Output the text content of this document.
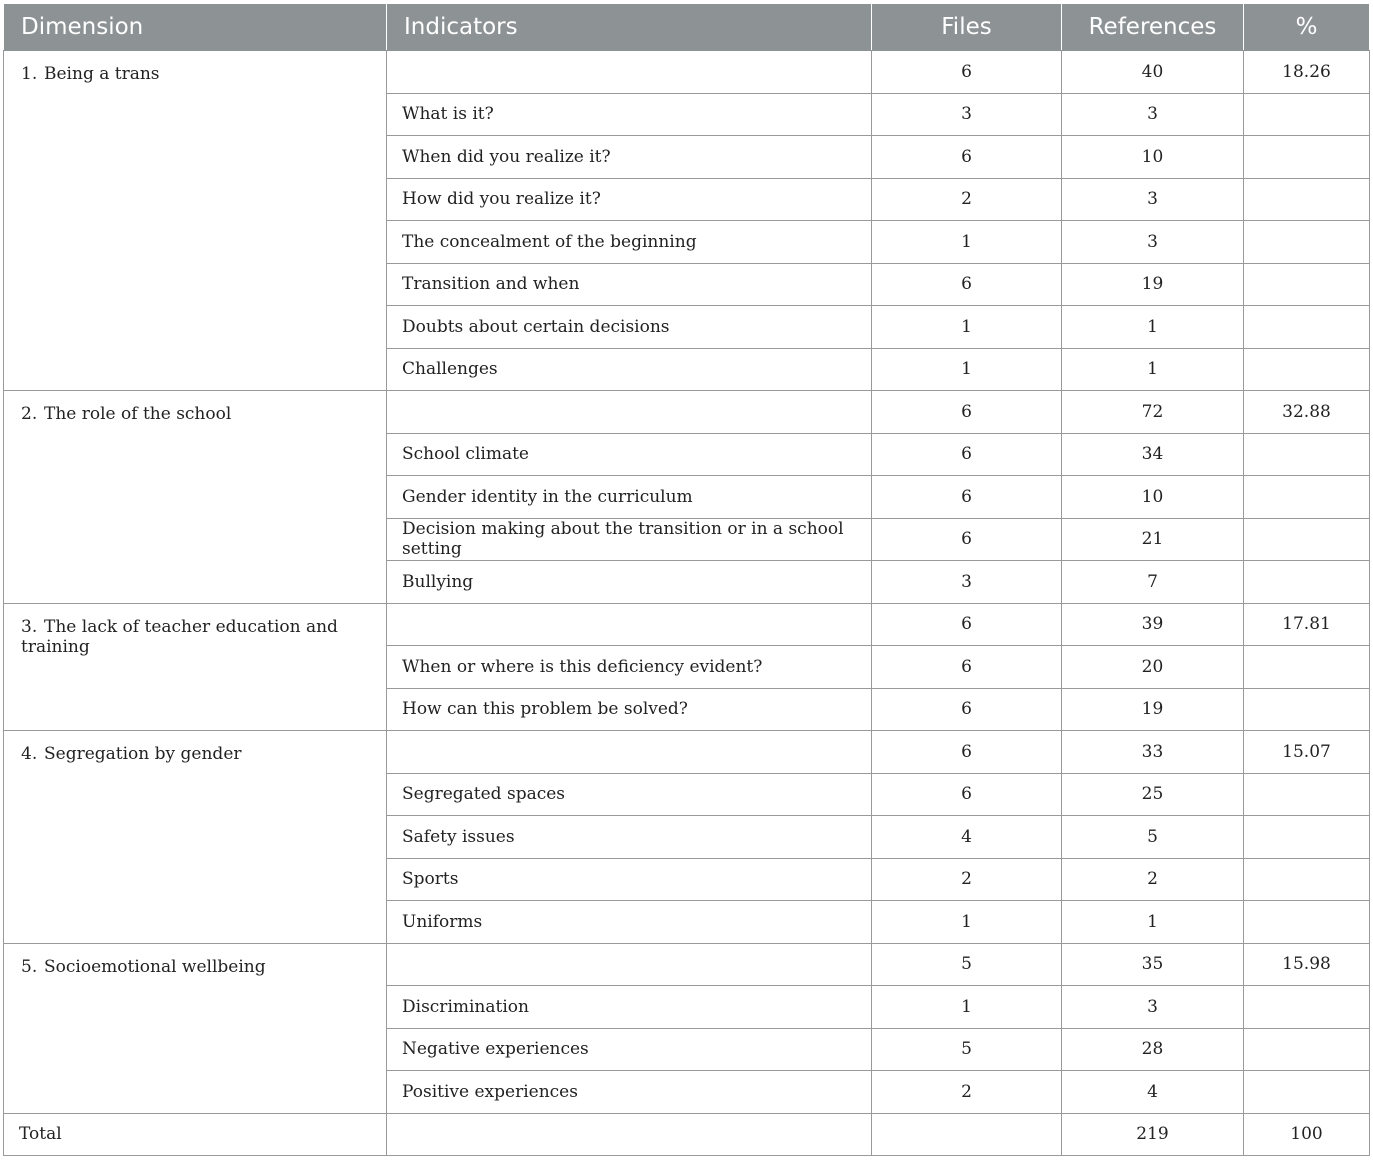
Dimension	Indicators	Files	References	%
1. Being a trans		6	40	18.26
	What is it?	3	3	
	When did you realize it?	6	10	
	How did you realize it?	2	3	
	The concealment of the beginning	1	3	
	Transition and when	6	19	
	Doubts about certain decisions	1	1	
	Challenges	1	1	
2. The role of the school		6	72	32.88
	School climate	6	34	
	Gender identity in the curriculum	6	10	
	Decision making about the transition or in a school setting	6	21	
	Bullying	3	7	
3. The lack of teacher education and training		6	39	17.81
	When or where is this deficiency evident?	6	20	
	How can this problem be solved?	6	19	
4. Segregation by gender		6	33	15.07
	Segregated spaces	6	25	
	Safety issues	4	5	
	Sports	2	2	
	Uniforms	1	1	
5. Socioemotional wellbeing		5	35	15.98
	Discrimination	1	3	
	Negative experiences	5	28	
	Positive experiences	2	4	
Total			219	100
